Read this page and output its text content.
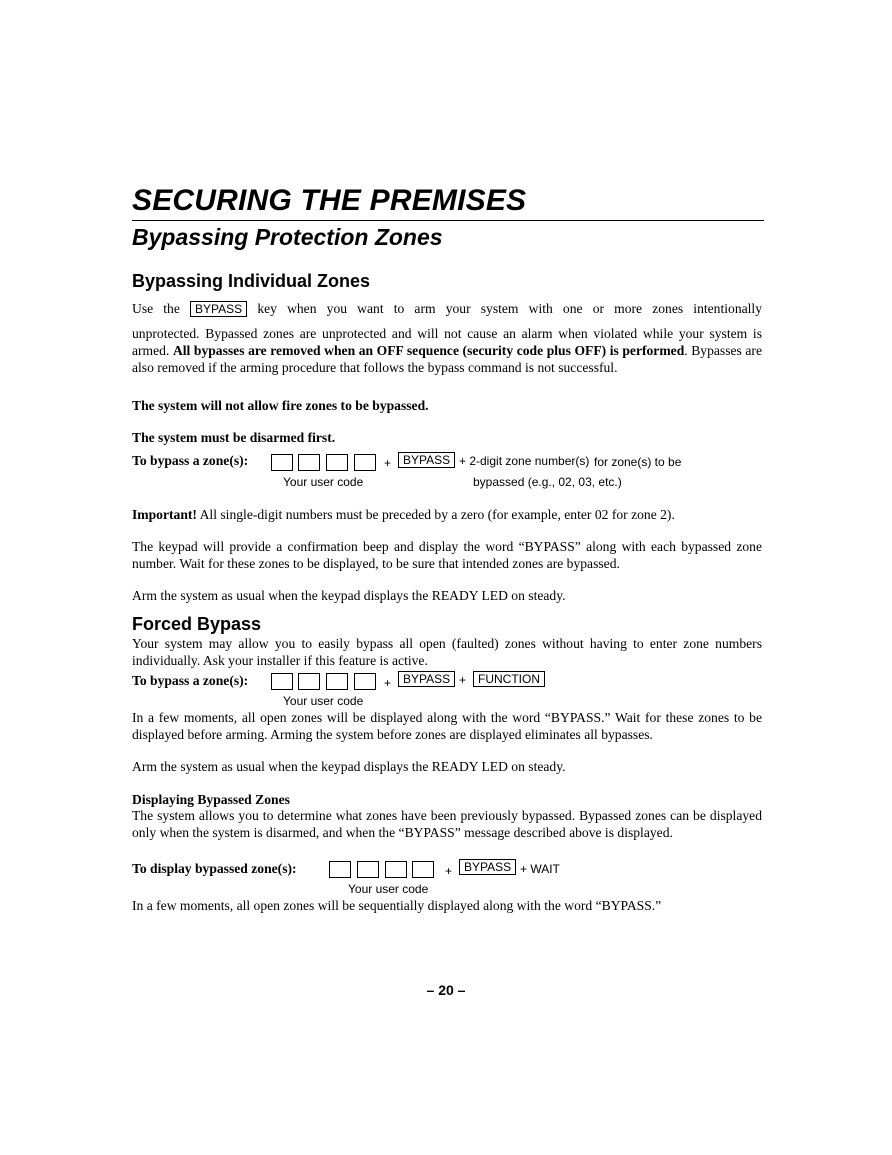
SECURING THE PREMISES
Bypassing Protection Zones
Bypassing Individual Zones
Use the BYPASS key when you want to arm your system with one or more zones intentionally
unprotected. Bypassed zones are unprotected and will not cause an alarm when violated while your system is armed. All bypasses are removed when an OFF sequence (security code plus OFF) is performed. Bypasses are also removed if the arming procedure that follows the bypass command is not successful.
The system will not allow fire zones to be bypassed.
The system must be disarmed first.
To bypass a zone(s):	+ BYPASS + 2-digit zone number(s) for zone(s) to be
Your user code	bypassed (e.g., 02, 03, etc.)
Important! All single-digit numbers must be preceded by a zero (for example, enter 02 for zone 2).
The keypad will provide a confirmation beep and display the word “BYPASS” along with each bypassed zone number. Wait for these zones to be displayed, to be sure that intended zones are bypassed.
Arm the system as usual when the keypad displays the READY LED on steady.
Forced Bypass
Your system may allow you to easily bypass all open (faulted) zones without having to enter zone numbers individually. Ask your installer if this feature is active.
To bypass a zone(s):	+ BYPASS + FUNCTION
Your user code
In a few moments, all open zones will be displayed along with the word “BYPASS.” Wait for these zones to be displayed before arming. Arming the system before zones are displayed eliminates all bypasses.
Arm the system as usual when the keypad displays the READY LED on steady.
Displaying Bypassed Zones
The system allows you to determine what zones have been previously bypassed. Bypassed zones can be displayed only when the system is disarmed, and when the “BYPASS” message described above is displayed.
To display bypassed zone(s):	+ BYPASS + WAIT
Your user code
In a few moments, all open zones will be sequentially displayed along with the word “BYPASS.”
– 20 –
